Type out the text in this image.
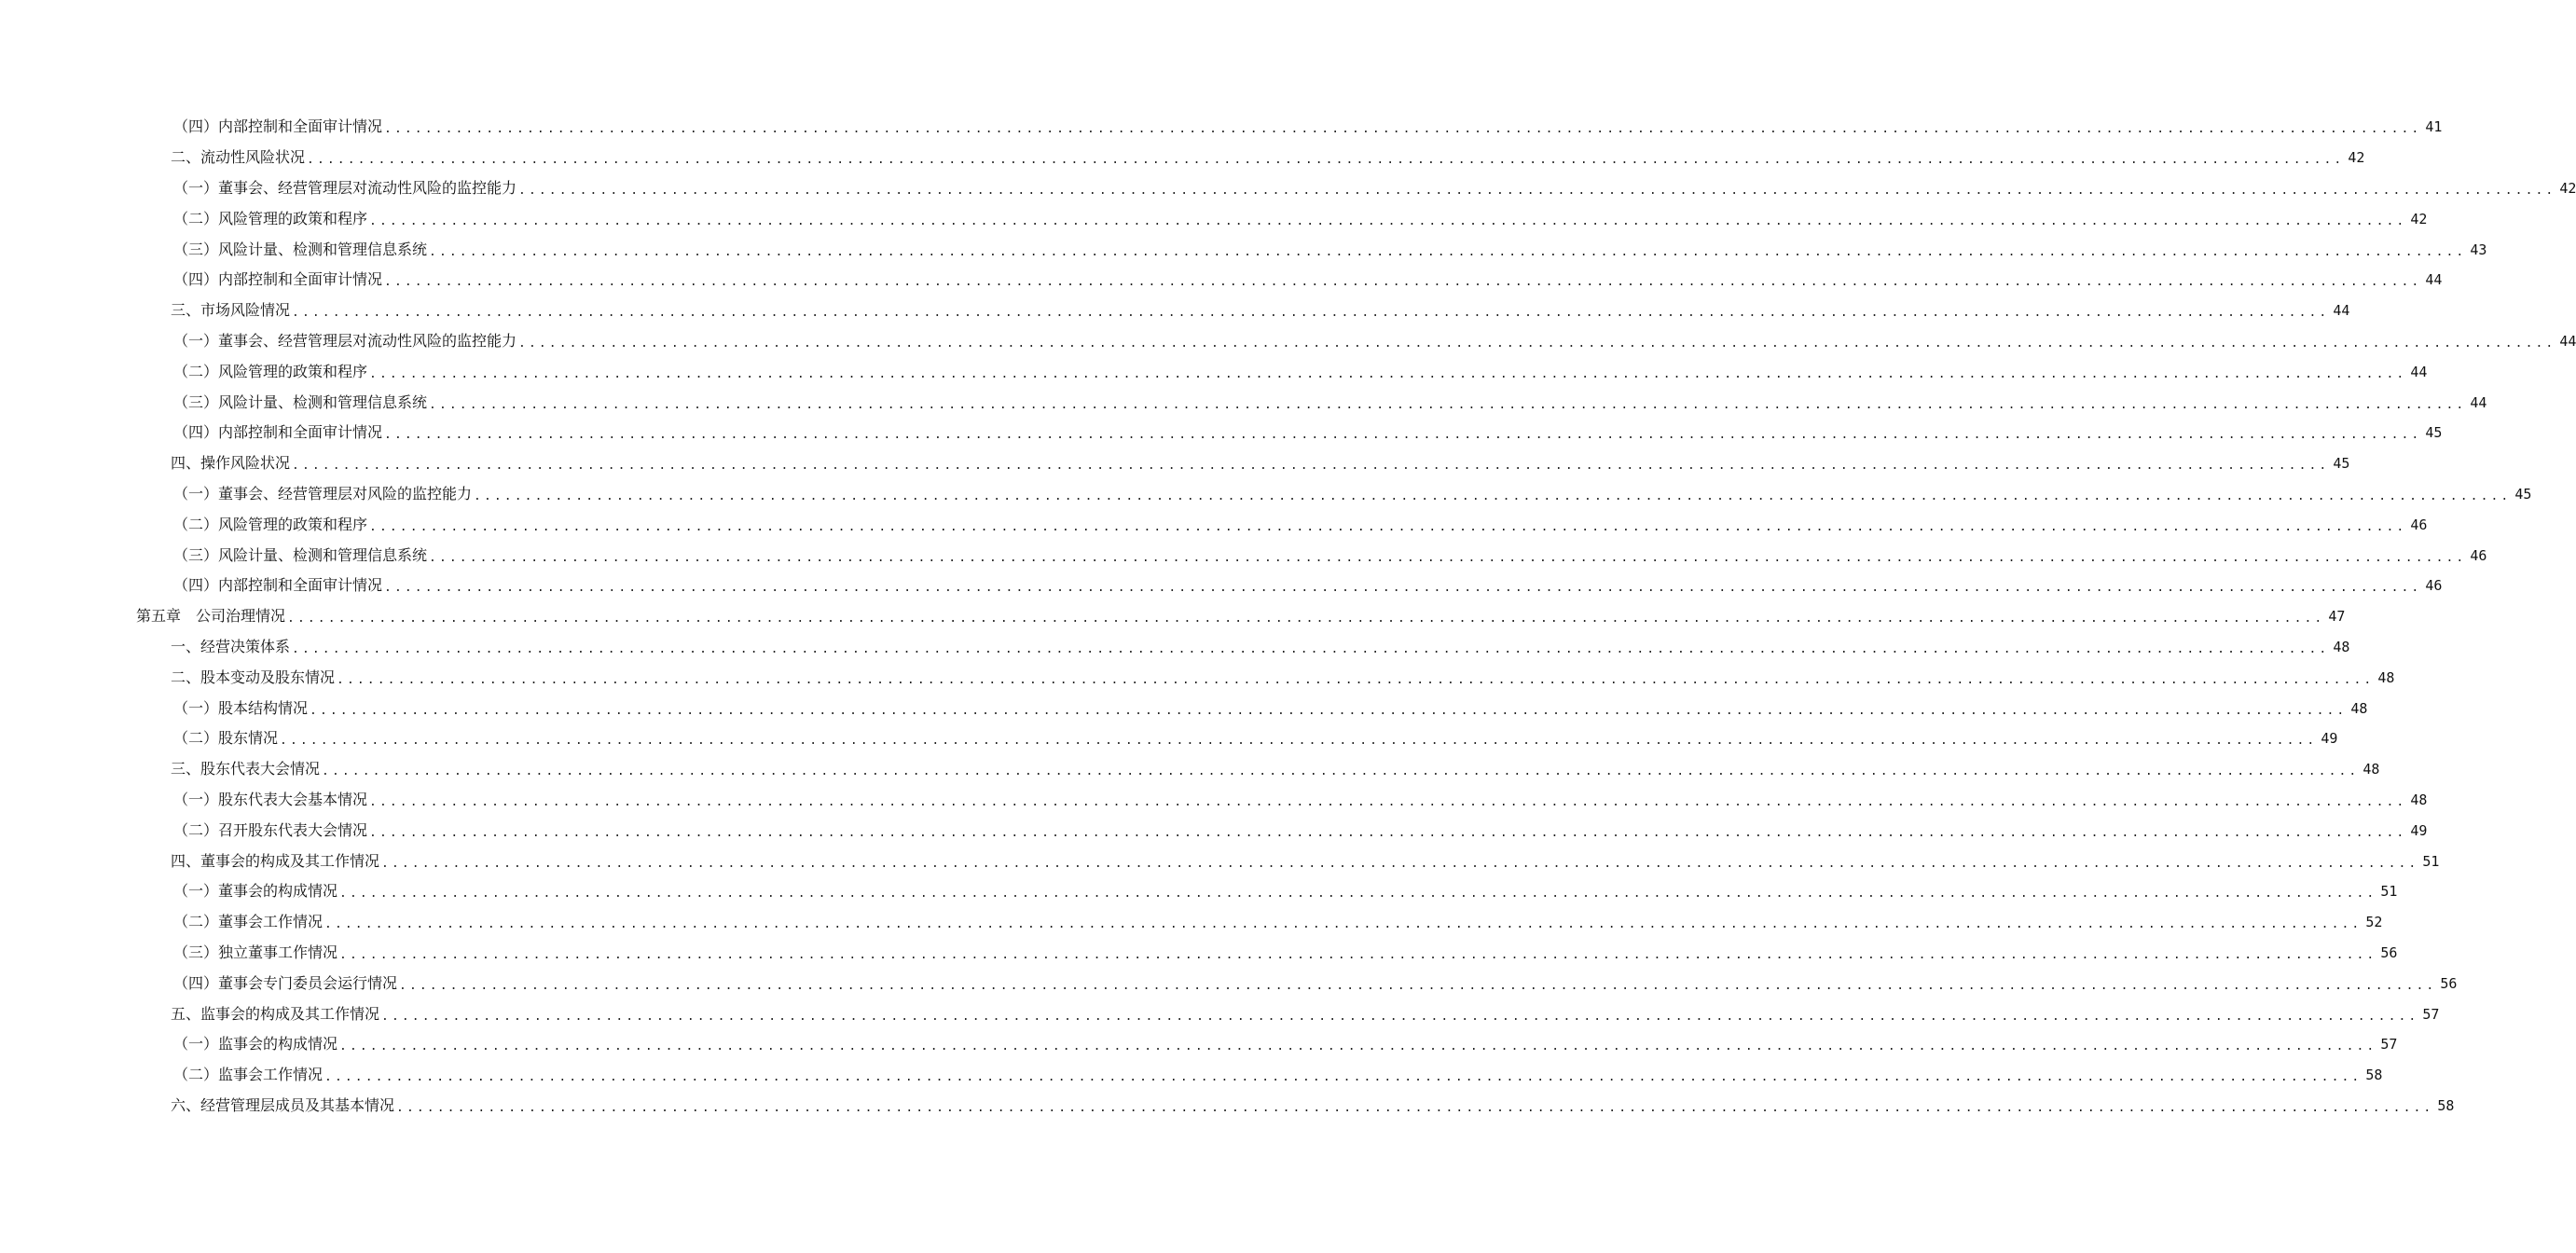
（四）内部控制和全面审计情况 ........................................................................................................................................................................................................ 41
二、流动性风险状况 ........................................................................................................................................................................................................ 42
（一）董事会、经营管理层对流动性风险的监控能力 ........................................................................................................................................................................................................ 42
（二）风险管理的政策和程序 ........................................................................................................................................................................................................ 42
（三）风险计量、检测和管理信息系统 ........................................................................................................................................................................................................ 43
（四）内部控制和全面审计情况 ........................................................................................................................................................................................................ 44
三、市场风险情况 ........................................................................................................................................................................................................ 44
（一）董事会、经营管理层对流动性风险的监控能力 ........................................................................................................................................................................................................ 44
（二）风险管理的政策和程序 ........................................................................................................................................................................................................ 44
（三）风险计量、检测和管理信息系统 ........................................................................................................................................................................................................ 44
（四）内部控制和全面审计情况 ........................................................................................................................................................................................................ 45
四、操作风险状况 ........................................................................................................................................................................................................ 45
（一）董事会、经营管理层对风险的监控能力 ........................................................................................................................................................................................................ 45
（二）风险管理的政策和程序 ........................................................................................................................................................................................................ 46
（三）风险计量、检测和管理信息系统 ........................................................................................................................................................................................................ 46
（四）内部控制和全面审计情况 ........................................................................................................................................................................................................ 46
第五章　公司治理情况 ........................................................................................................................................................................................................ 47
一、经营决策体系 ........................................................................................................................................................................................................ 48
二、股本变动及股东情况 ........................................................................................................................................................................................................ 48
（一）股本结构情况 ........................................................................................................................................................................................................ 48
（二）股东情况 ........................................................................................................................................................................................................ 49
三、股东代表大会情况 ........................................................................................................................................................................................................ 48
（一）股东代表大会基本情况 ........................................................................................................................................................................................................ 48
（二）召开股东代表大会情况 ........................................................................................................................................................................................................ 49
四、董事会的构成及其工作情况 ........................................................................................................................................................................................................ 51
（一）董事会的构成情况 ........................................................................................................................................................................................................ 51
（二）董事会工作情况 ........................................................................................................................................................................................................ 52
（三）独立董事工作情况 ........................................................................................................................................................................................................ 56
（四）董事会专门委员会运行情况 ........................................................................................................................................................................................................ 56
五、监事会的构成及其工作情况 ........................................................................................................................................................................................................ 57
（一）监事会的构成情况 ........................................................................................................................................................................................................ 57
（二）监事会工作情况 ........................................................................................................................................................................................................ 58
六、经营管理层成员及其基本情况 ........................................................................................................................................................................................................ 58
